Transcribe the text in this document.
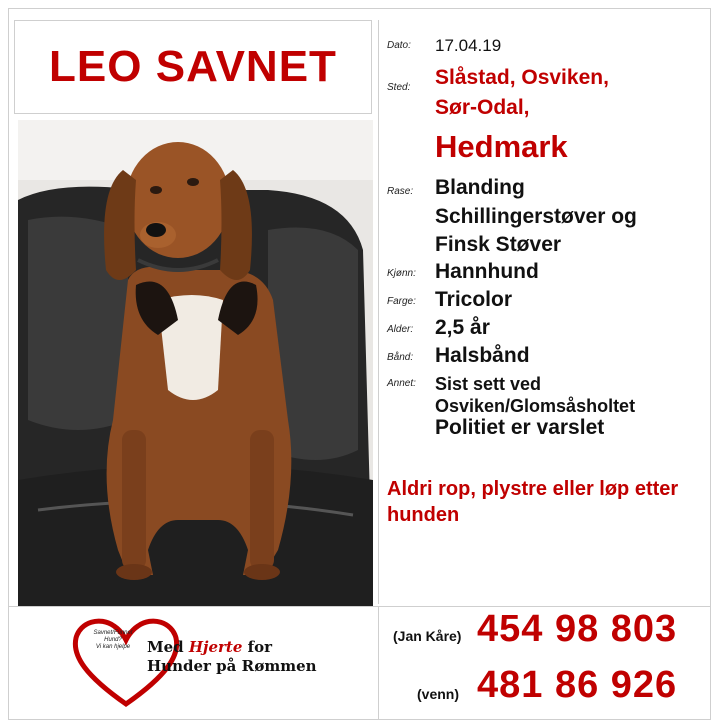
LEO SAVNET	Dato: 17.04.19
Sted: Slåstad, Osviken,
Sør-Odal,
Hedmark
Rase: Blanding
Schillingerstøver og
Finsk Støver
Kjønn: Hannhund
Farge: Tricolor
Alder: 2,5 år
Bånd: Halsbånd
Annet: Sist sett ved
Osviken/Glomsåsholtet
Politiet er varslet
Aldri rop, plystre eller løp etter hunden
Savnet/Funnet
Hund?
Vi kan hjelpe	Med Hjerte for
Hunder på Rømmen
(Jan Kåre) 454 98 803
(venn) 481 86 926
